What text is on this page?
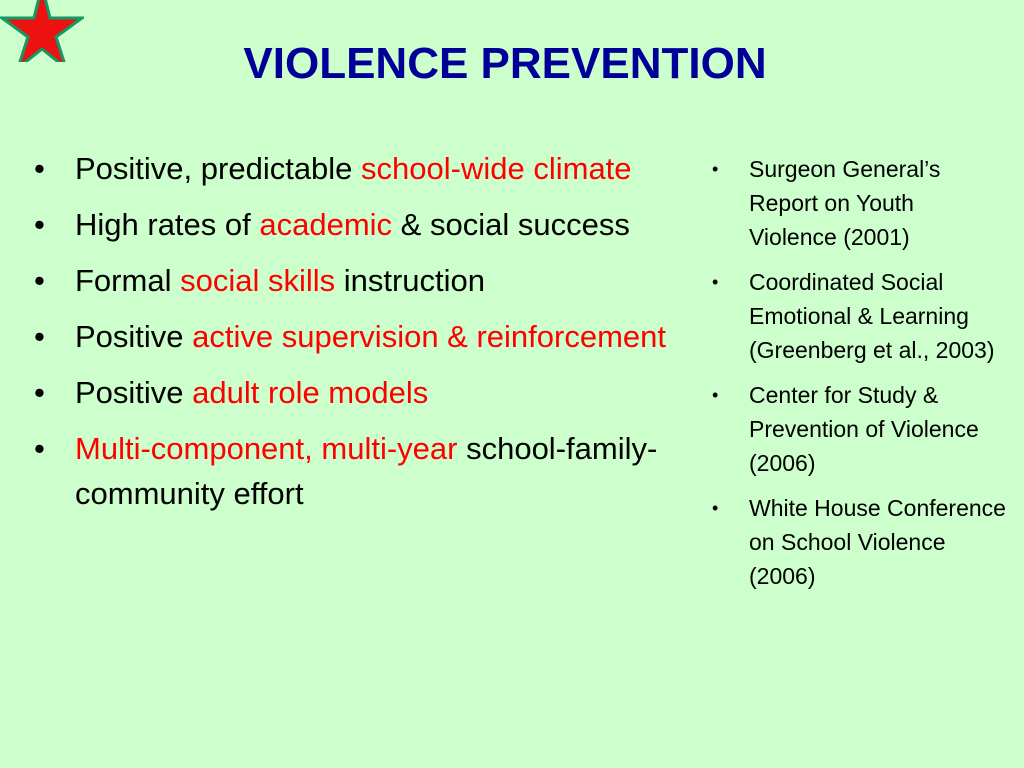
VIOLENCE PREVENTION
• Positive, predictable school-wide climate
• High rates of academic & social success
• Formal social skills instruction
• Positive active supervision & reinforcement
• Positive adult role models
• Multi-component, multi-year school-family-community effort
• Surgeon General’s Report on Youth Violence (2001)
• Coordinated Social Emotional & Learning (Greenberg et al., 2003)
• Center for Study & Prevention of Violence (2006)
• White House Conference on School Violence (2006)
